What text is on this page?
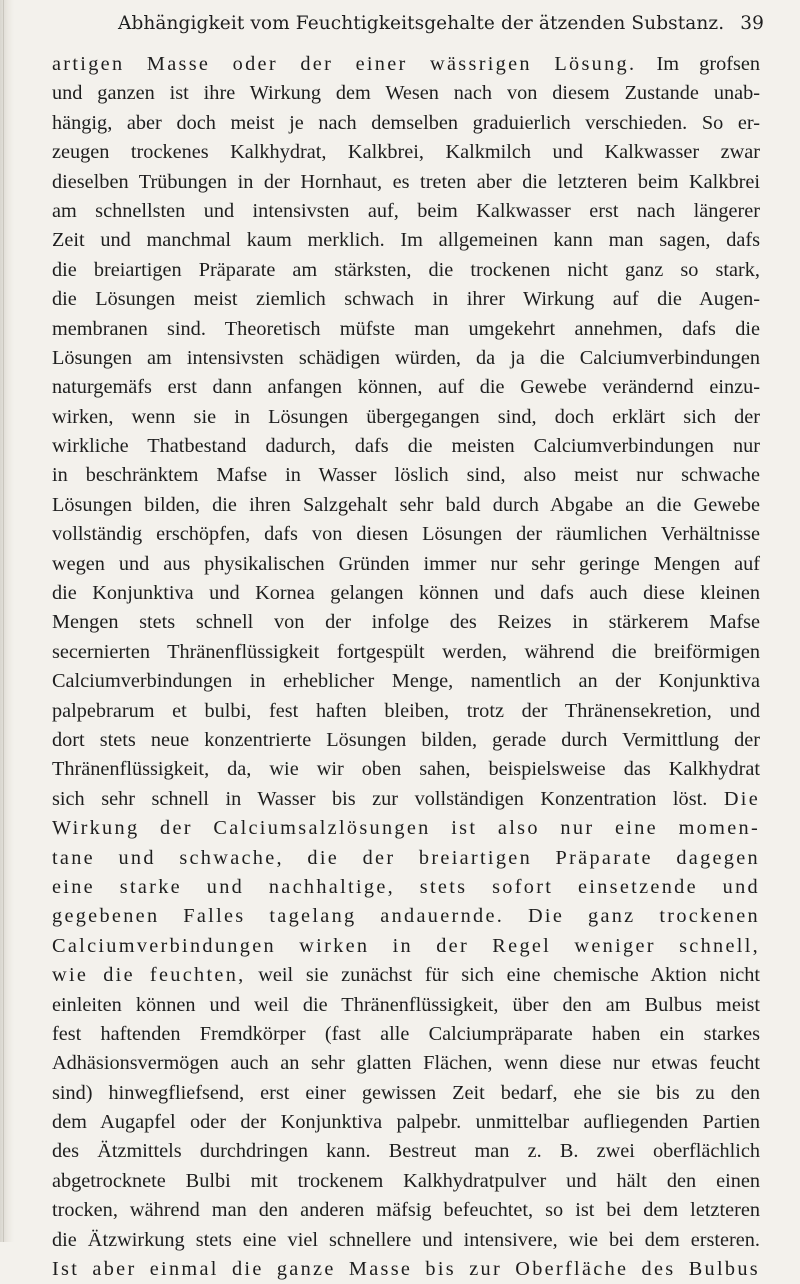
Abhängigkeit vom Feuchtigkeitsgehalte der ätzenden Substanz. 39
artigen Masse oder der einer wässrigen Lösung. Im grofsen
und ganzen ist ihre Wirkung dem Wesen nach von diesem Zustande unab-
hängig, aber doch meist je nach demselben graduierlich verschieden. So er-
zeugen trockenes Kalkhydrat, Kalkbrei, Kalkmilch und Kalkwasser zwar
dieselben Trübungen in der Hornhaut, es treten aber die letzteren beim Kalkbrei
am schnellsten und intensivsten auf, beim Kalkwasser erst nach längerer
Zeit und manchmal kaum merklich. Im allgemeinen kann man sagen, dafs
die breiartigen Präparate am stärksten, die trockenen nicht ganz so stark,
die Lösungen meist ziemlich schwach in ihrer Wirkung auf die Augen-
membranen sind. Theoretisch müfste man umgekehrt annehmen, dafs die
Lösungen am intensivsten schädigen würden, da ja die Calciumverbindungen
naturgemäfs erst dann anfangen können, auf die Gewebe verändernd einzu-
wirken, wenn sie in Lösungen übergegangen sind, doch erklärt sich der
wirkliche Thatbestand dadurch, dafs die meisten Calciumverbindungen nur
in beschränktem Mafse in Wasser löslich sind, also meist nur schwache
Lösungen bilden, die ihren Salzgehalt sehr bald durch Abgabe an die Gewebe
vollständig erschöpfen, dafs von diesen Lösungen der räumlichen Verhältnisse
wegen und aus physikalischen Gründen immer nur sehr geringe Mengen auf
die Konjunktiva und Kornea gelangen können und dafs auch diese kleinen
Mengen stets schnell von der infolge des Reizes in stärkerem Mafse
secernierten Thränenflüssigkeit fortgespült werden, während die breiförmigen
Calciumverbindungen in erheblicher Menge, namentlich an der Konjunktiva
palpebrarum et bulbi, fest haften bleiben, trotz der Thränensekretion, und
dort stets neue konzentrierte Lösungen bilden, gerade durch Vermittlung der
Thränenflüssigkeit, da, wie wir oben sahen, beispielsweise das Kalkhydrat
sich sehr schnell in Wasser bis zur vollständigen Konzentration löst. Die
Wirkung der Calciumsalzlösungen ist also nur eine momen-
tane und schwache, die der breiartigen Präparate dagegen
eine starke und nachhaltige, stets sofort einsetzende und
gegebenen Falles tagelang andauernde. Die ganz trockenen
Calciumverbindungen wirken in der Regel weniger schnell,
wie die feuchten, weil sie zunächst für sich eine chemische Aktion nicht
einleiten können und weil die Thränenflüssigkeit, über den am Bulbus meist
fest haftenden Fremdkörper (fast alle Calciumpräparate haben ein starkes
Adhäsionsvermögen auch an sehr glatten Flächen, wenn diese nur etwas feucht
sind) hinwegfliefsend, erst einer gewissen Zeit bedarf, ehe sie bis zu den
dem Augapfel oder der Konjunktiva palpebr. unmittelbar aufliegenden Partien
des Ätzmittels durchdringen kann. Bestreut man z. B. zwei oberflächlich
abgetrocknete Bulbi mit trockenem Kalkhydratpulver und hält den einen
trocken, während man den anderen mäfsig befeuchtet, so ist bei dem letzteren
die Ätzwirkung stets eine viel schnellere und intensivere, wie bei dem ersteren.
Ist aber einmal die ganze Masse bis zur Oberfläche des Bulbus
